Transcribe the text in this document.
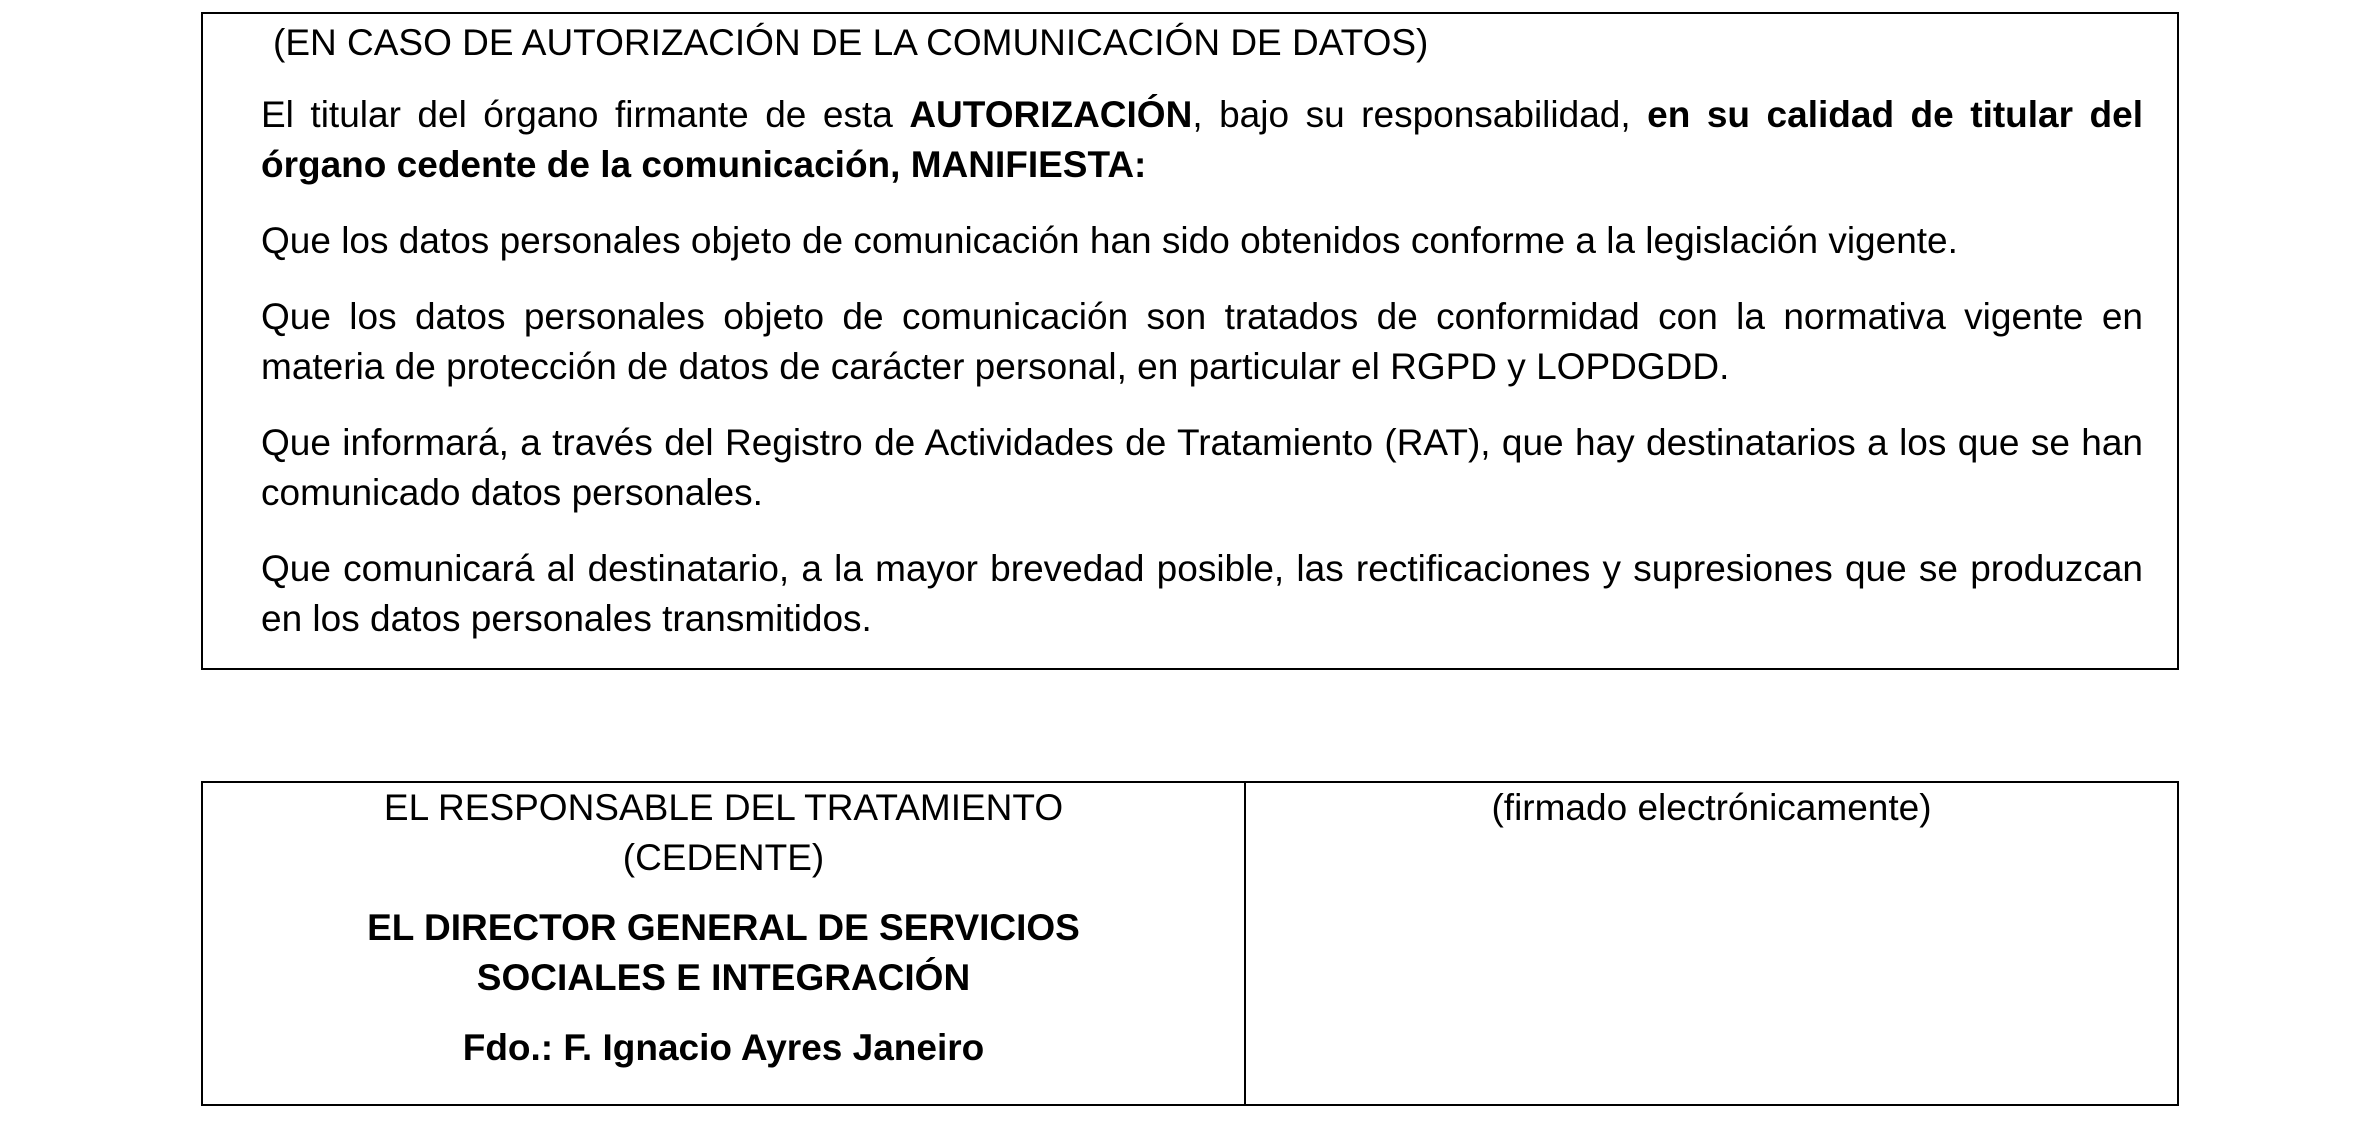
(EN CASO DE AUTORIZACIÓN DE LA COMUNICACIÓN DE DATOS)
El titular del órgano firmante de esta AUTORIZACIÓN, bajo su responsabilidad, en su calidad de titular del órgano cedente de la comunicación, MANIFIESTA:
Que los datos personales objeto de comunicación han sido obtenidos conforme a la legislación vigente.
Que los datos personales objeto de comunicación son tratados de conformidad con la normativa vigente en materia de protección de datos de carácter personal, en particular el RGPD y LOPDGDD.
Que informará, a través del Registro de Actividades de Tratamiento (RAT), que hay destinatarios a los que se han comunicado datos personales.
Que comunicará al destinatario, a la mayor brevedad posible, las rectificaciones y supresiones que se produzcan en los datos personales transmitidos.
EL RESPONSABLE DEL TRATAMIENTO
(CEDENTE)
EL DIRECTOR GENERAL DE SERVICIOS
SOCIALES E INTEGRACIÓN
Fdo.: F. Ignacio Ayres Janeiro
(firmado electrónicamente)
